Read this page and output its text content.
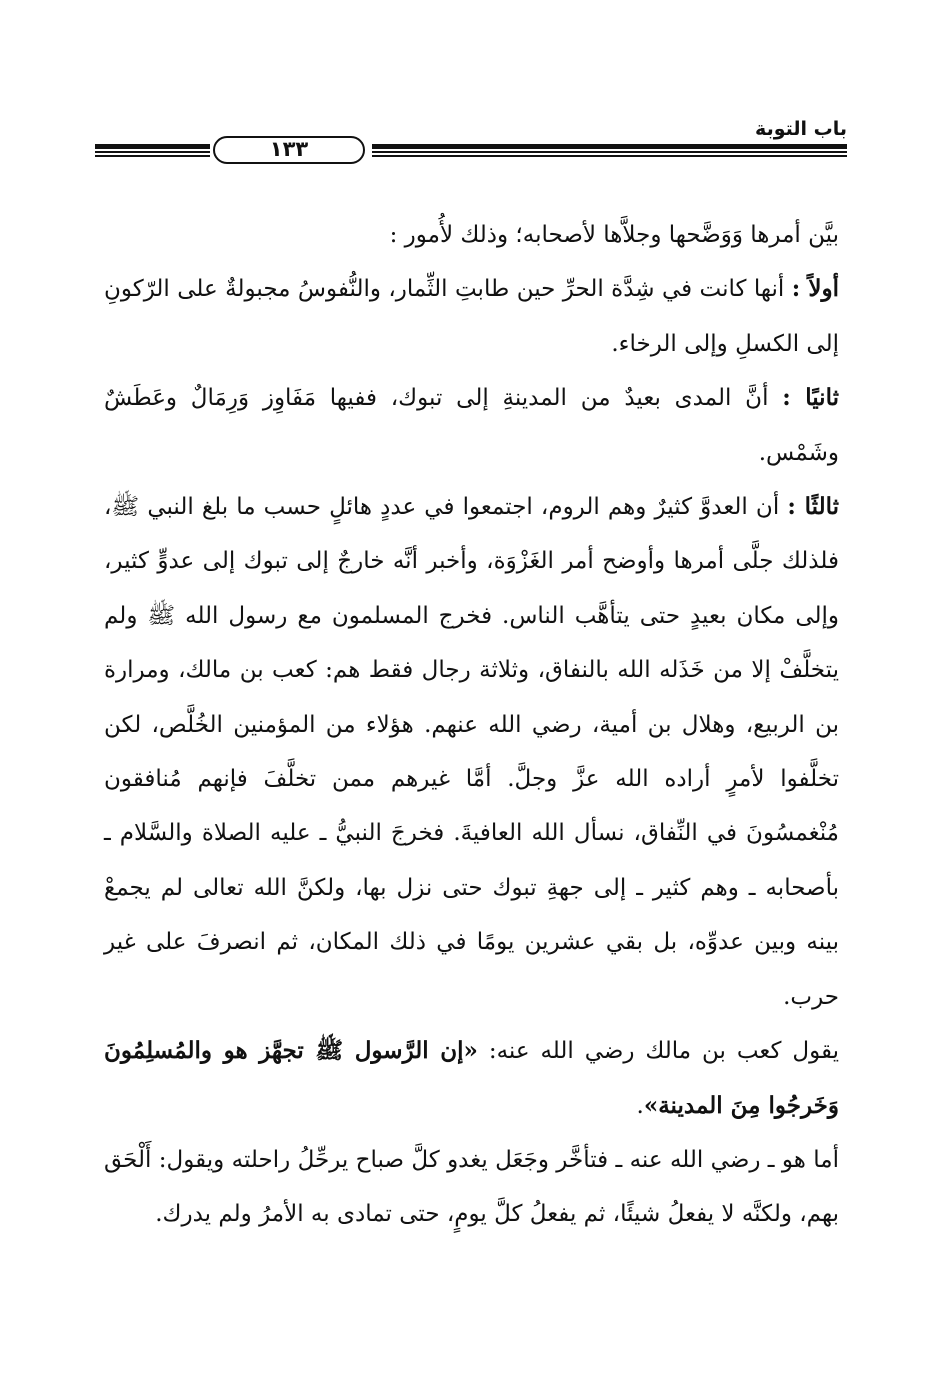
باب التوبة
١٣٣

بيَّن أمرها وَوَضَّحها وجلاَّها لأصحابه؛ وذلك لأُمور :

أولاً : أنها كانت في شِدَّة الحرِّ حين طابتِ الثِّمار، والنُّفوسُ مجبولةٌ على الرّكونِ إلى الكسلِ وإلى الرخاء.

ثانيًا : أنَّ المدى بعيدٌ من المدينةِ إلى تبوك، ففيها مَفَاوِز وَرِمَالٌ وعَطَشٌ وشَمْس.

ثالثًا : أن العدوَّ كثيرٌ وهم الروم، اجتمعوا في عددٍ هائلٍ حسب ما بلغ النبي ﷺ، فلذلك جلَّى أمرها وأوضح أمر الغَزْوَة، وأخبر أنَّه خارجٌ إلى تبوك إلى عدوٍّ كثير، وإلى مكان بعيدٍ حتى يتأهَّب الناس. فخرج المسلمون مع رسول الله ﷺ ولم يتخلَّفْ إلا من خَذَله الله بالنفاق، وثلاثة رجال فقط هم: كعب بن مالك، ومرارة بن الربيع، وهلال بن أمية، رضي الله عنهم. هؤلاء من المؤمنين الخُلَّص، لكن تخلَّفوا لأمرٍ أراده الله عزَّ وجلَّ. أمَّا غيرهم ممن تخلَّفَ فإنهم مُنافقون مُنْغمسُونَ في النِّفاق، نسأل الله العافيةَ. فخرجَ النبيُّ ـ عليه الصلاة والسَّلام ـ بأصحابه ـ وهم كثير ـ إلى جهةِ تبوك حتى نزل بها، ولكنَّ الله تعالى لم يجمعْ بينه وبين عدوِّه، بل بقي عشرين يومًا في ذلك المكان، ثم انصرفَ على غير حرب.

يقول كعب بن مالك رضي الله عنه: «إن الرَّسول ﷺ تجهَّز هو والمُسلِمُونَ وَخَرجُوا مِنَ المدينة».

أما هو ـ رضي الله عنه ـ فتأخَّر وجَعَل يغدو كلَّ صباح يرحِّلُ راحلته ويقول: أَلْحَق بهم، ولكنَّه لا يفعلُ شيئًا، ثم يفعلُ كلَّ يومٍ، حتى تمادى به الأمرُ ولم يدرك.
